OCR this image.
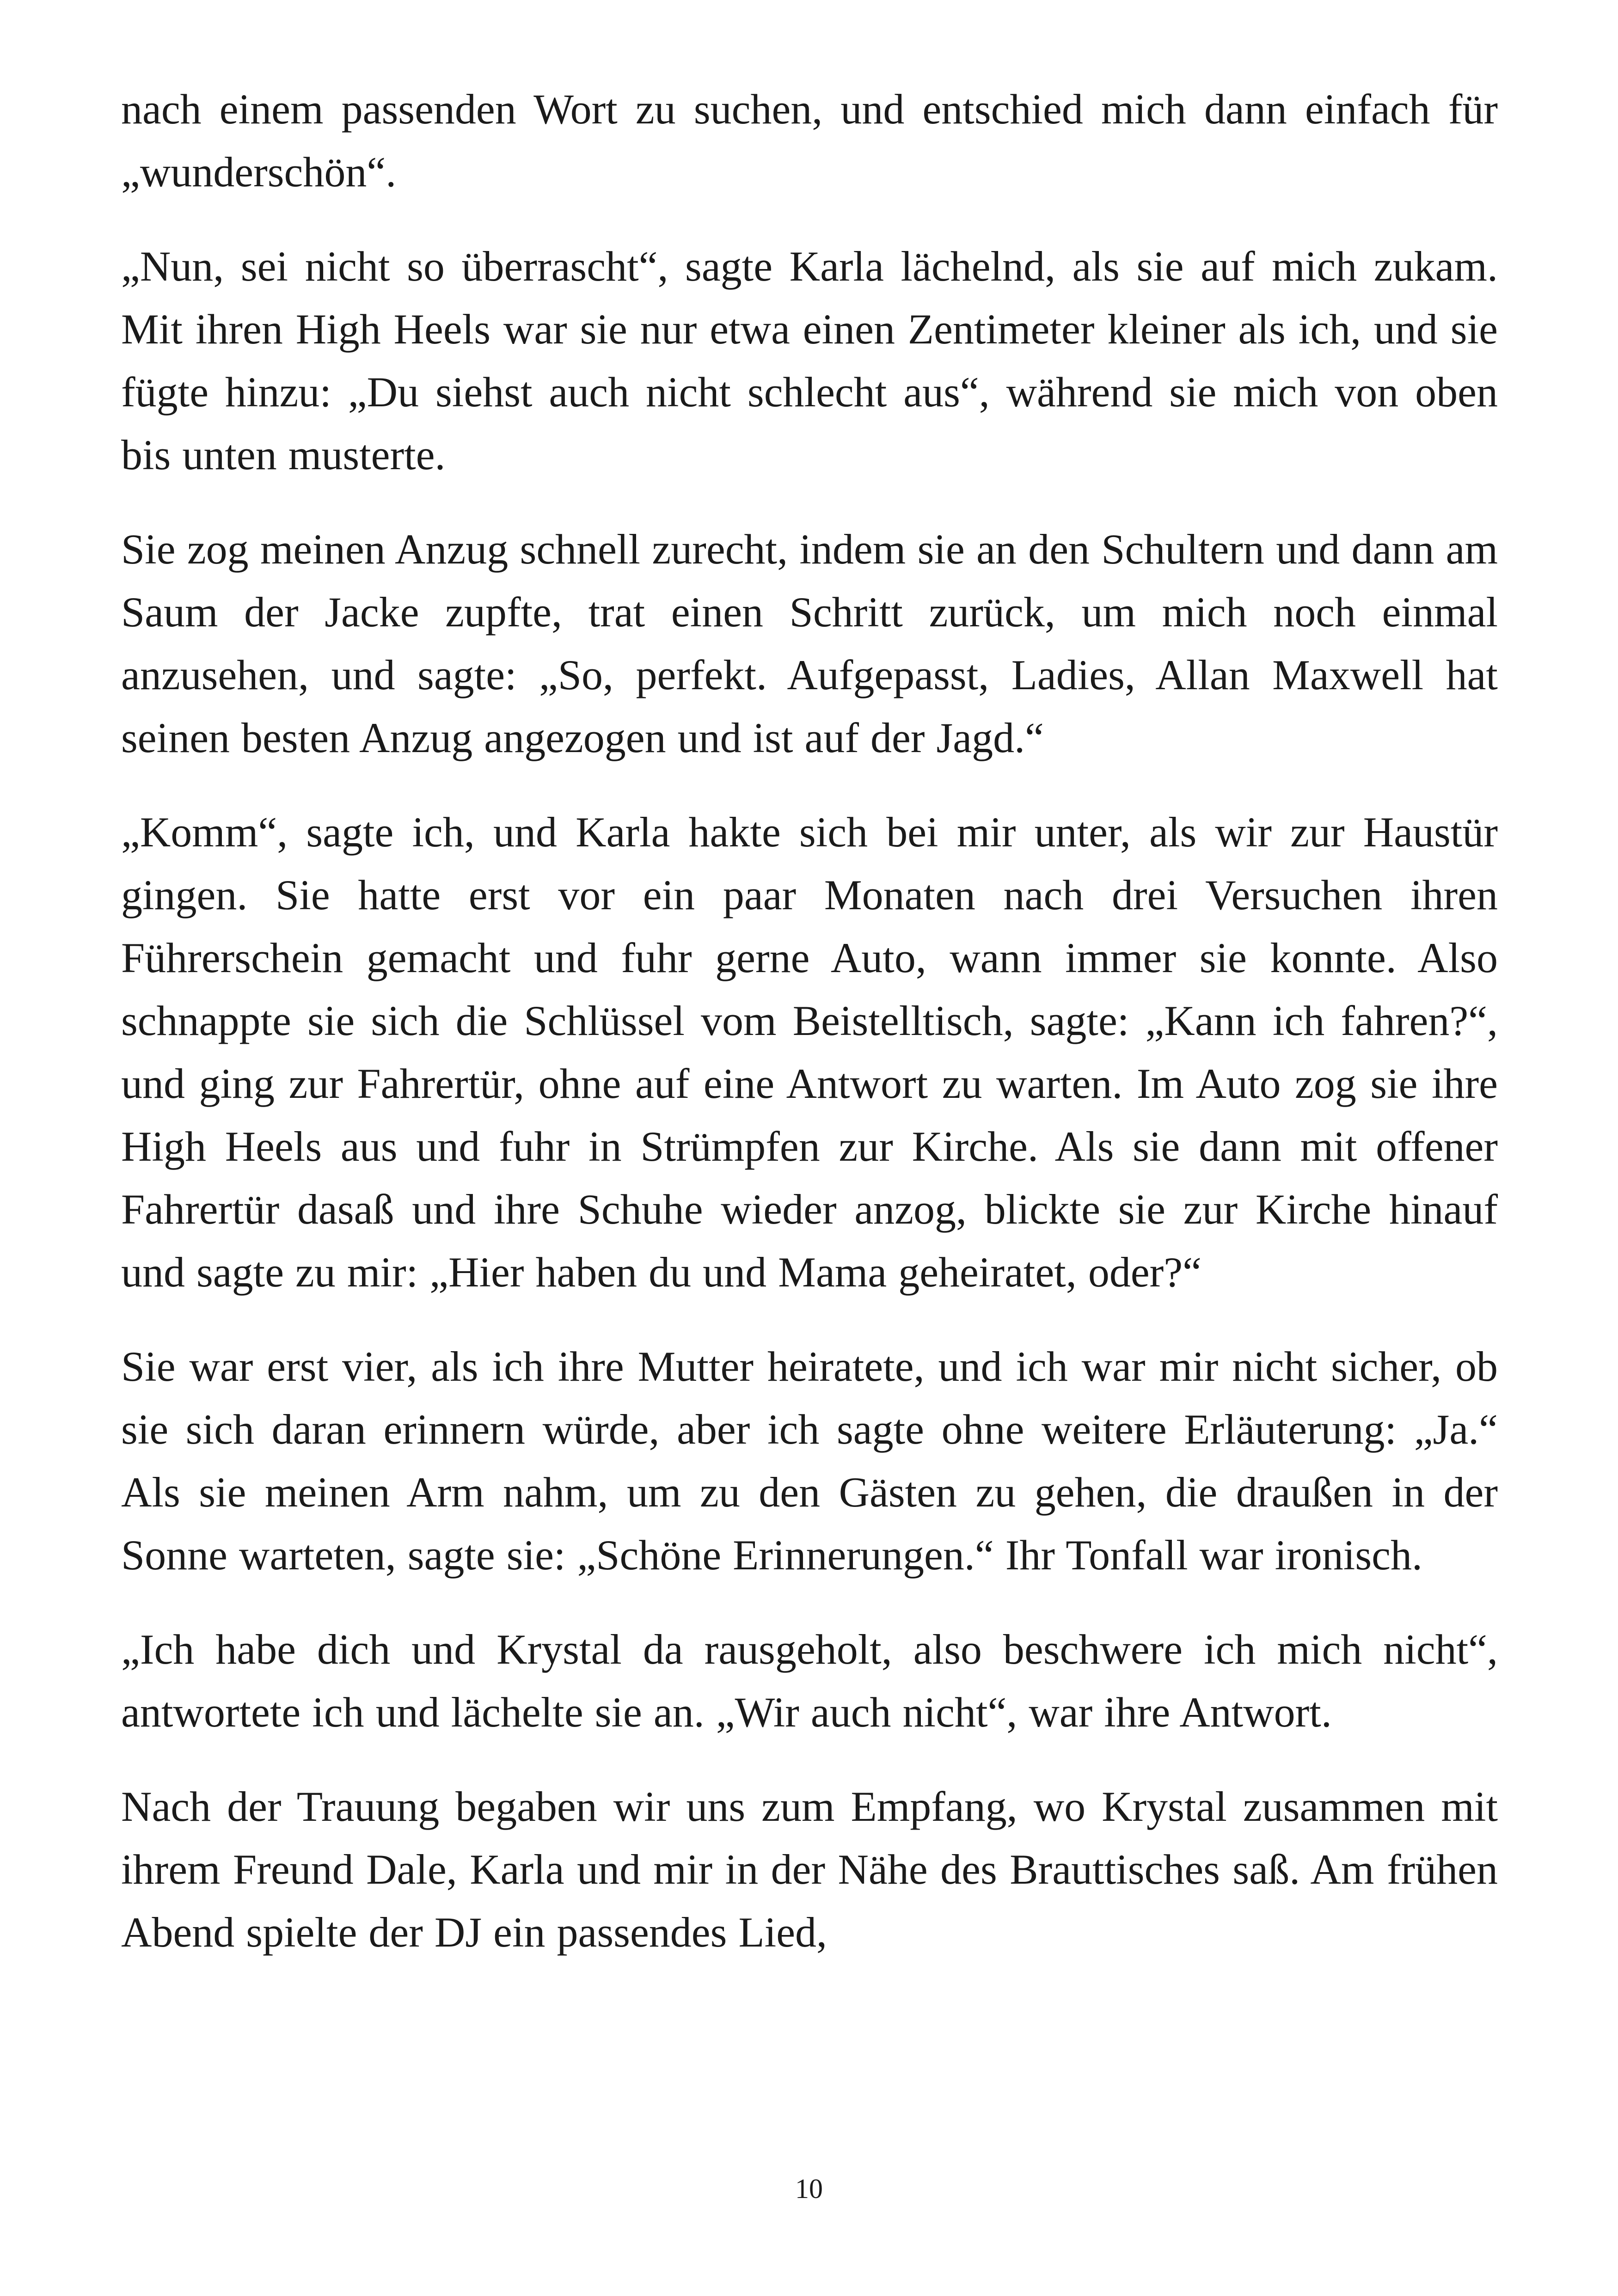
nach einem passenden Wort zu suchen, und entschied mich dann einfach für „wunderschön“.

„Nun, sei nicht so überrascht“, sagte Karla lächelnd, als sie auf mich zukam. Mit ihren High Heels war sie nur etwa einen Zentimeter kleiner als ich, und sie fügte hinzu: „Du siehst auch nicht schlecht aus“, während sie mich von oben bis unten musterte.

Sie zog meinen Anzug schnell zurecht, indem sie an den Schultern und dann am Saum der Jacke zupfte, trat einen Schritt zurück, um mich noch einmal anzusehen, und sagte: „So, perfekt. Aufgepasst, Ladies, Allan Maxwell hat seinen besten Anzug angezogen und ist auf der Jagd.“

„Komm“, sagte ich, und Karla hakte sich bei mir unter, als wir zur Haustür gingen. Sie hatte erst vor ein paar Monaten nach drei Versuchen ihren Führerschein gemacht und fuhr gerne Auto, wann immer sie konnte. Also schnappte sie sich die Schlüssel vom Beistelltisch, sagte: „Kann ich fahren?“, und ging zur Fahrertür, ohne auf eine Antwort zu warten. Im Auto zog sie ihre High Heels aus und fuhr in Strümpfen zur Kirche. Als sie dann mit offener Fahrertür dasaß und ihre Schuhe wieder anzog, blickte sie zur Kirche hinauf und sagte zu mir: „Hier haben du und Mama geheiratet, oder?“

Sie war erst vier, als ich ihre Mutter heiratete, und ich war mir nicht sicher, ob sie sich daran erinnern würde, aber ich sagte ohne weitere Erläuterung: „Ja.“ Als sie meinen Arm nahm, um zu den Gästen zu gehen, die draußen in der Sonne warteten, sagte sie: „Schöne Erinnerungen.“ Ihr Tonfall war ironisch.

„Ich habe dich und Krystal da rausgeholt, also beschwere ich mich nicht“, antwortete ich und lächelte sie an. „Wir auch nicht“, war ihre Antwort.

Nach der Trauung begaben wir uns zum Empfang, wo Krystal zusammen mit ihrem Freund Dale, Karla und mir in der Nähe des Brauttisches saß. Am frühen Abend spielte der DJ ein passendes Lied,

10
